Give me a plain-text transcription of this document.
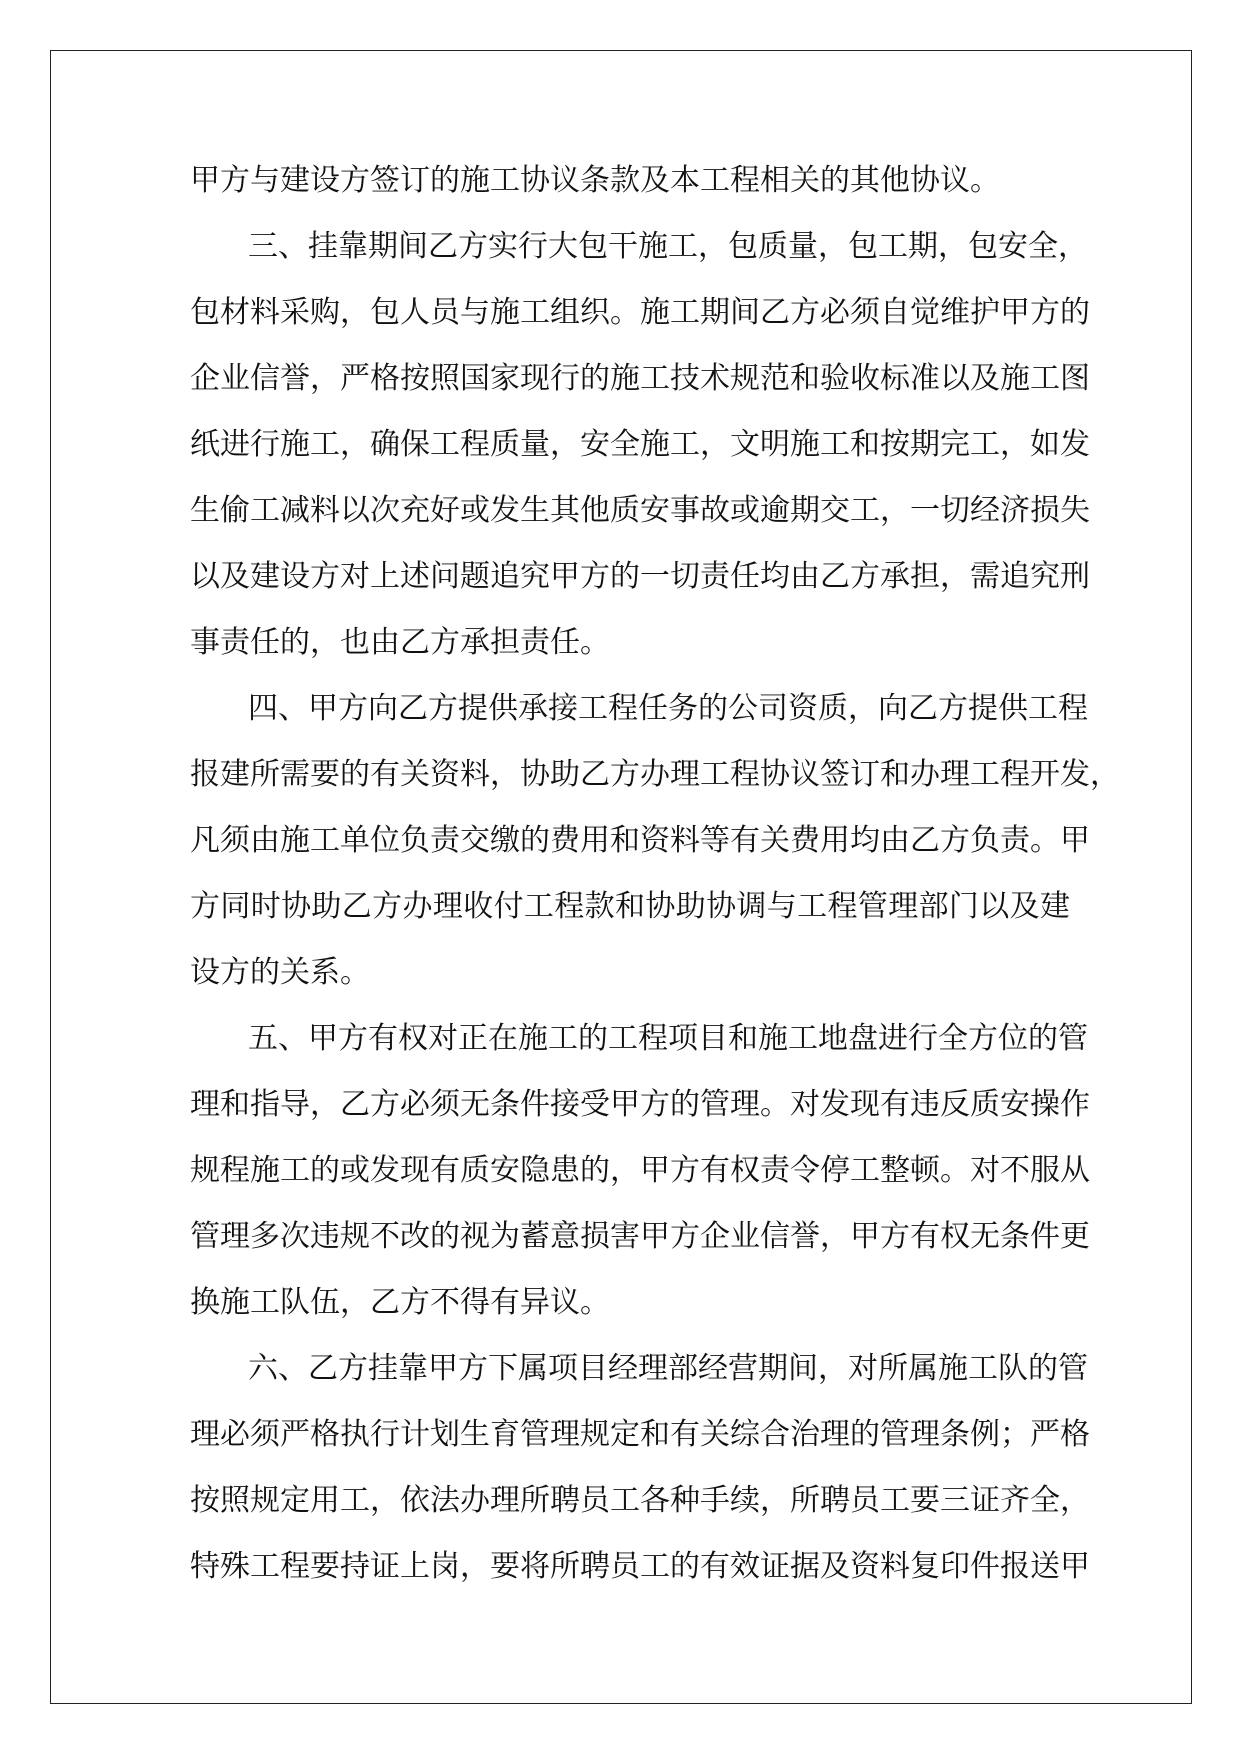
甲方与建设方签订的施工协议条款及本工程相关的其他协议。
三、挂靠期间乙方实行大包干施工，包质量，包工期，包安全，
包材料采购，包人员与施工组织。施工期间乙方必须自觉维护甲方的
企业信誉，严格按照国家现行的施工技术规范和验收标准以及施工图
纸进行施工，确保工程质量，安全施工，文明施工和按期完工，如发
生偷工减料以次充好或发生其他质安事故或逾期交工，一切经济损失
以及建设方对上述问题追究甲方的一切责任均由乙方承担，需追究刑
事责任的，也由乙方承担责任。
四、甲方向乙方提供承接工程任务的公司资质，向乙方提供工程
报建所需要的有关资料，协助乙方办理工程协议签订和办理工程开发，
凡须由施工单位负责交缴的费用和资料等有关费用均由乙方负责。甲
方同时协助乙方办理收付工程款和协助协调与工程管理部门以及建
设方的关系。
五、甲方有权对正在施工的工程项目和施工地盘进行全方位的管
理和指导，乙方必须无条件接受甲方的管理。对发现有违反质安操作
规程施工的或发现有质安隐患的，甲方有权责令停工整顿。对不服从
管理多次违规不改的视为蓄意损害甲方企业信誉，甲方有权无条件更
换施工队伍，乙方不得有异议。
六、乙方挂靠甲方下属项目经理部经营期间，对所属施工队的管
理必须严格执行计划生育管理规定和有关综合治理的管理条例；严格
按照规定用工，依法办理所聘员工各种手续，所聘员工要三证齐全，
特殊工程要持证上岗，要将所聘员工的有效证据及资料复印件报送甲
